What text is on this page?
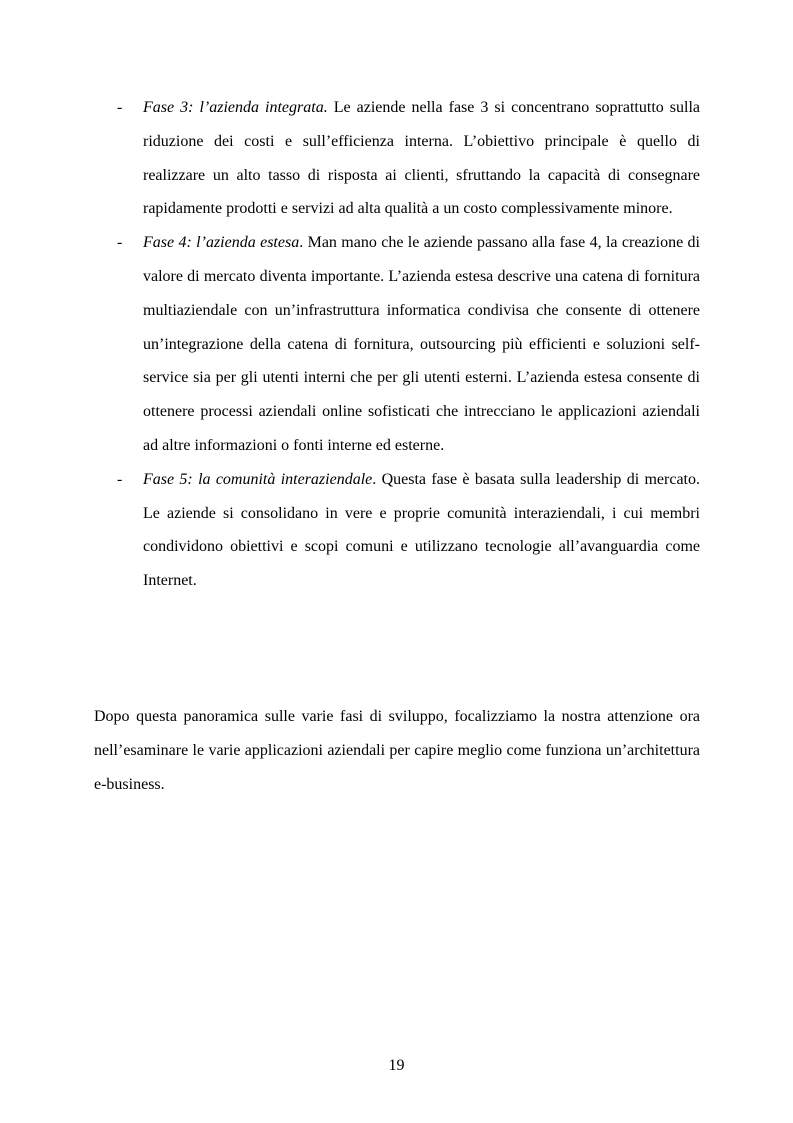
- Fase 3: l’azienda integrata. Le aziende nella fase 3 si concentrano soprattutto sulla riduzione dei costi e sull’efficienza interna. L’obiettivo principale è quello di realizzare un alto tasso di risposta ai clienti, sfruttando la capacità di consegnare rapidamente prodotti e servizi ad alta qualità a un costo complessivamente minore.
- Fase 4: l’azienda estesa. Man mano che le aziende passano alla fase 4, la creazione di valore di mercato diventa importante. L’azienda estesa descrive una catena di fornitura multiaziendale con un’infrastruttura informatica condivisa che consente di ottenere un’integrazione della catena di fornitura, outsourcing più efficienti e soluzioni self-service sia per gli utenti interni che per gli utenti esterni. L’azienda estesa consente di ottenere processi aziendali online sofisticati che intrecciano le applicazioni aziendali ad altre informazioni o fonti interne ed esterne.
- Fase 5: la comunità interaziendale. Questa fase è basata sulla leadership di mercato. Le aziende si consolidano in vere e proprie comunità interaziendali, i cui membri condividono obiettivi e scopi comuni e utilizzano tecnologie all’avanguardia come Internet.

Dopo questa panoramica sulle varie fasi di sviluppo, focalizziamo la nostra attenzione ora nell’esaminare le varie applicazioni aziendali per capire meglio come funziona un’architettura e-business.

19
